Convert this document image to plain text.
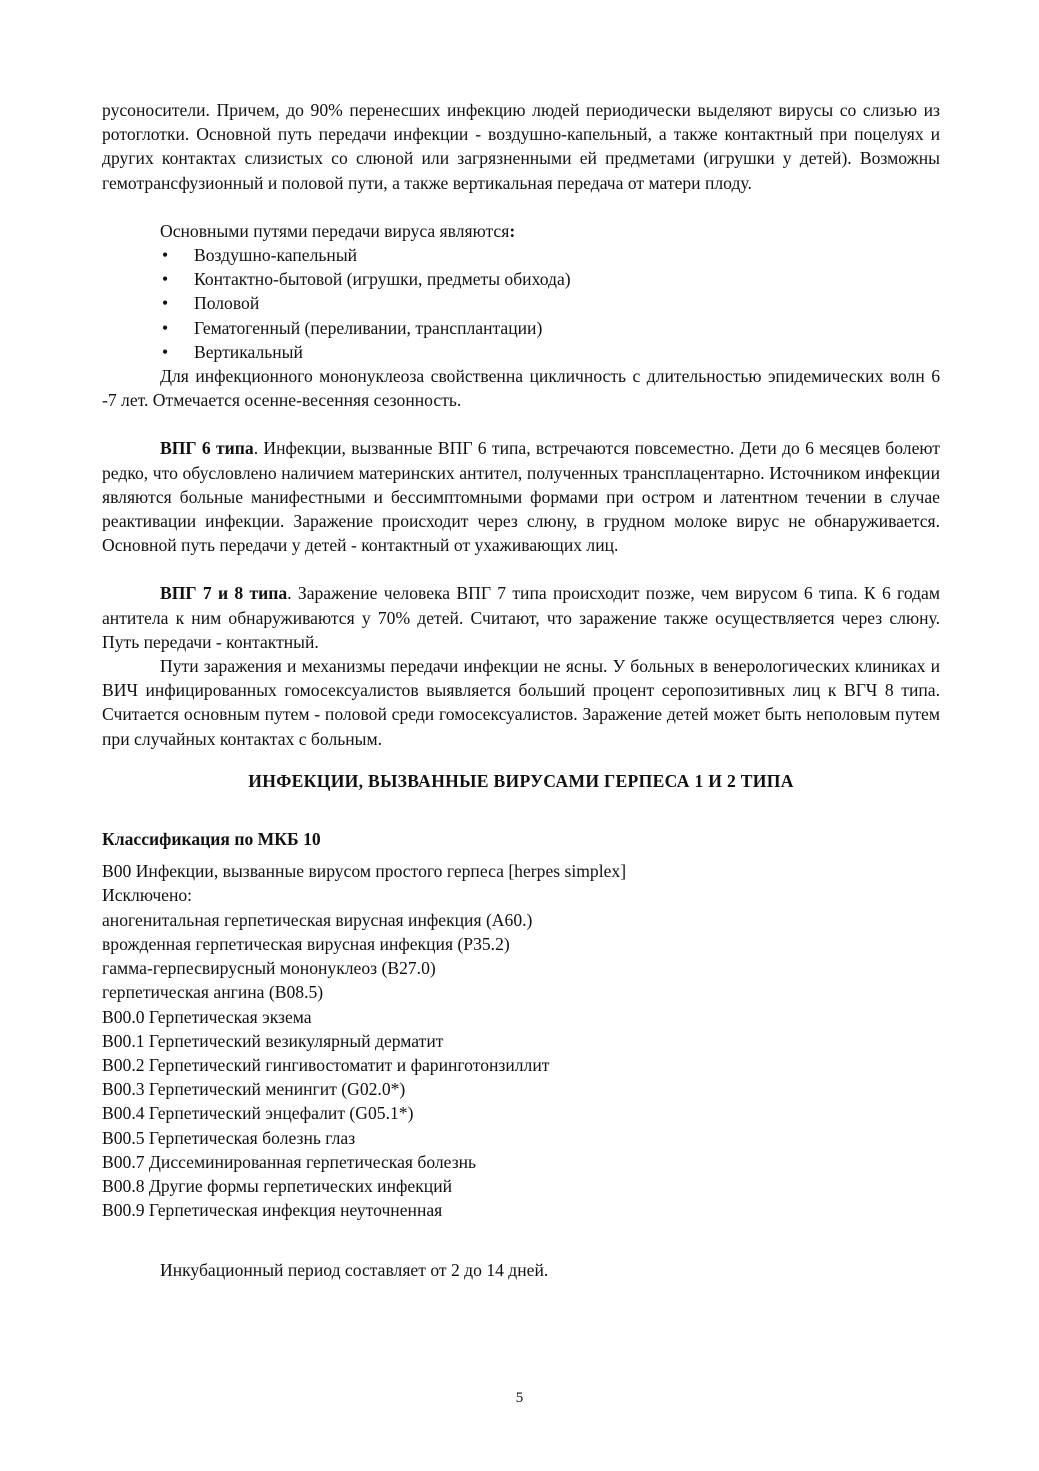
русоносители. Причем, до 90% перенесших инфекцию людей периодически выделяют вирусы со слизью из ротоглотки. Основной путь передачи инфекции - воздушно-капельный, а также контактный при поцелуях и других контактах слизистых со слюной или загрязненными ей предметами (игрушки у детей). Возможны гемотрансфузионный и половой пути, а также вертикальная передача от матери плоду.

Основными путями передачи вируса являются:

• Воздушно-капельный
• Контактно-бытовой (игрушки, предметы обихода)
• Половой
• Гематогенный (переливании, трансплантации)
• Вертикальный

Для инфекционного мононуклеоза свойственна цикличность с длительностью эпидемических волн 6 -7 лет. Отмечается осенне-весенняя сезонность.

ВПГ 6 типа. Инфекции, вызванные ВПГ 6 типа, встречаются повсеместно. Дети до 6 месяцев болеют редко, что обусловлено наличием материнских антител, полученных трансплацентарно. Источником инфекции являются больные манифестными и бессимптомными формами при остром и латентном течении в случае реактивации инфекции. Заражение происходит через слюну, в грудном молоке вирус не обнаруживается. Основной путь передачи у детей - контактный от ухаживающих лиц.

ВПГ 7 и 8 типа. Заражение человека ВПГ 7 типа происходит позже, чем вирусом 6 типа. К 6 годам антитела к ним обнаруживаются у 70% детей. Считают, что заражение также осуществляется через слюну. Путь передачи - контактный.

Пути заражения и механизмы передачи инфекции не ясны. У больных в венерологических клиниках и ВИЧ инфицированных гомосексуалистов выявляется больший процент серопозитивных лиц к ВГЧ 8 типа. Считается основным путем - половой среди гомосексуалистов. Заражение детей может быть неполовым путем при случайных контактах с больным.

ИНФЕКЦИИ, ВЫЗВАННЫЕ ВИРУСАМИ ГЕРПЕСА 1 И 2 ТИПА

Классификация по МКБ 10

B00 Инфекции, вызванные вирусом простого герпеса [herpes simplex]

Исключено:

аногенитальная герпетическая вирусная инфекция (A60.)

врожденная герпетическая вирусная инфекция (P35.2)

гамма-герпесвирусный мононуклеоз (B27.0)

герпетическая ангина (B08.5)

B00.0 Герпетическая экзема

B00.1 Герпетический везикулярный дерматит

B00.2 Герпетический гингивостоматит и фаринготонзиллит

B00.3 Герпетический менингит (G02.0*)

B00.4 Герпетический энцефалит (G05.1*)

B00.5 Герпетическая болезнь глаз

B00.7 Диссеминированная герпетическая болезнь

B00.8 Другие формы герпетических инфекций

B00.9 Герпетическая инфекция неуточненная

Инкубационный период составляет от 2 до 14 дней.

5
